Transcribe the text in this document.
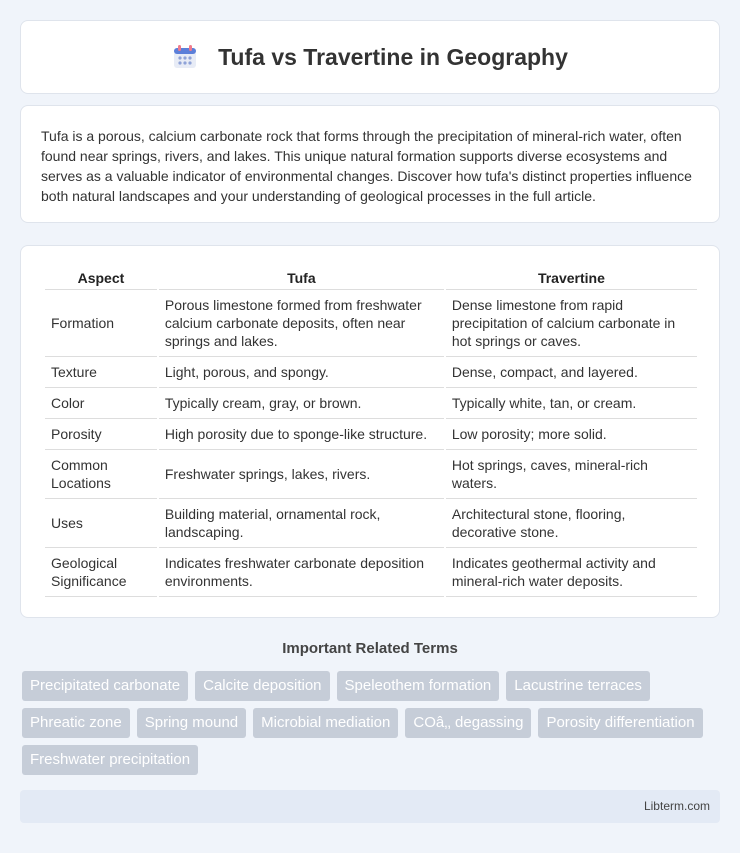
Tufa vs Travertine in Geography

Tufa is a porous, calcium carbonate rock that forms through the precipitation of mineral-rich water, often found near springs, rivers, and lakes. This unique natural formation supports diverse ecosystems and serves as a valuable indicator of environmental changes. Discover how tufa's distinct properties influence both natural landscapes and your understanding of geological processes in the full article.

Aspect	Tufa	Travertine
Formation	Porous limestone formed from freshwater calcium carbonate deposits, often near springs and lakes.	Dense limestone from rapid precipitation of calcium carbonate in hot springs or caves.
Texture	Light, porous, and spongy.	Dense, compact, and layered.
Color	Typically cream, gray, or brown.	Typically white, tan, or cream.
Porosity	High porosity due to sponge-like structure.	Low porosity; more solid.
Common Locations	Freshwater springs, lakes, rivers.	Hot springs, caves, mineral-rich waters.
Uses	Building material, ornamental rock, landscaping.	Architectural stone, flooring, decorative stone.
Geological Significance	Indicates freshwater carbonate deposition environments.	Indicates geothermal activity and mineral-rich water deposits.
Important Related Terms
Precipitated carbonate	Calcite deposition	Speleothem formation	Lacustrine terraces
Phreatic zone	Spring mound	Microbial mediation	COâ‚‚ degassing	Porosity differentiation
Freshwater precipitation
Libterm.com
